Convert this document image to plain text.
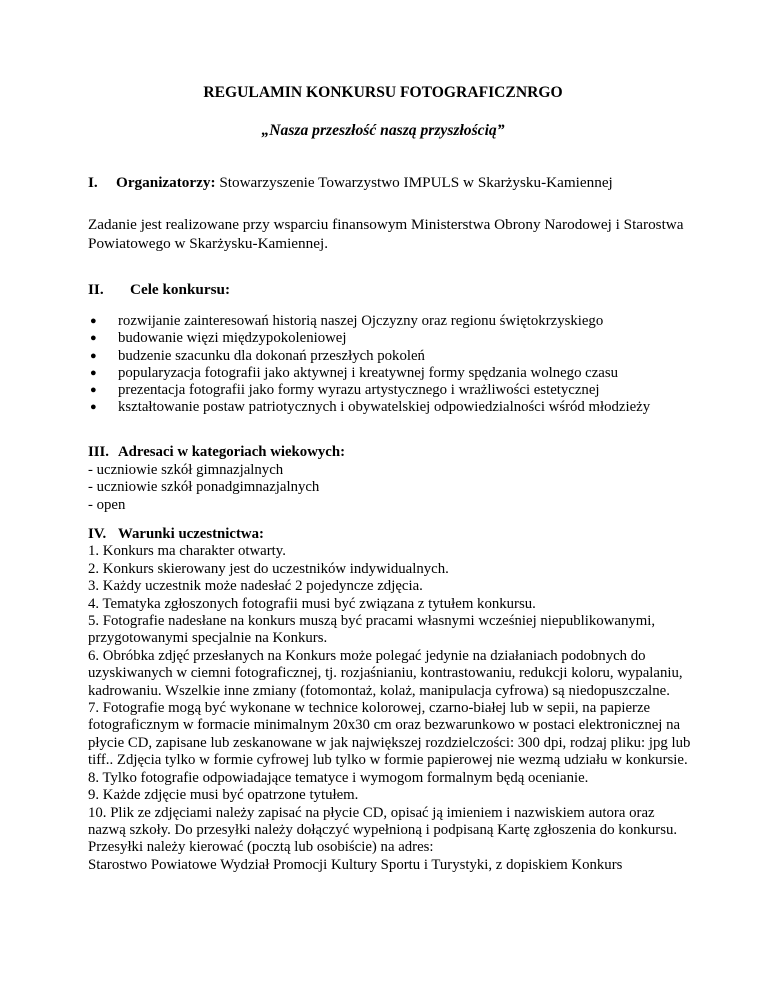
REGULAMIN KONKURSU FOTOGRAFICZNRGO
„Nasza przeszłość naszą przyszłością”
I. Organizatorzy: Stowarzyszenie Towarzystwo IMPULS w Skarżysku-Kamiennej

Zadanie jest realizowane przy wsparciu finansowym Ministerstwa Obrony Narodowej i Starostwa Powiatowego w Skarżysku-Kamiennej.

II. Cele konkursu:
● rozwijanie zainteresowań historią naszej Ojczyzny oraz regionu świętokrzyskiego
● budowanie więzi międzypokoleniowej
● budzenie szacunku dla dokonań przeszłych pokoleń
● popularyzacja fotografii jako aktywnej i kreatywnej formy spędzania wolnego czasu
● prezentacja fotografii jako formy wyrazu artystycznego i wrażliwości estetycznej
● kształtowanie postaw patriotycznych i obywatelskiej odpowiedzialności wśród młodzieży
III. Adresaci w kategoriach wiekowych:
- uczniowie szkół gimnazjalnych
- uczniowie szkół ponadgimnazjalnych
- open
IV. Warunki uczestnictwa:
1. Konkurs ma charakter otwarty.
2. Konkurs skierowany jest do uczestników indywidualnych.
3. Każdy uczestnik może nadesłać 2 pojedyncze zdjęcia.
4. Tematyka zgłoszonych fotografii musi być związana z tytułem konkursu.
5. Fotografie nadesłane na konkurs muszą być pracami własnymi wcześniej niepublikowanymi, przygotowanymi specjalnie na Konkurs.
6. Obróbka zdjęć przesłanych na Konkurs może polegać jedynie na działaniach podobnych do uzyskiwanych w ciemni fotograficznej, tj. rozjaśnianiu, kontrastowaniu, redukcji koloru, wypalaniu, kadrowaniu. Wszelkie inne zmiany (fotomontaż, kolaż, manipulacja cyfrowa) są niedopuszczalne.
7. Fotografie mogą być wykonane w technice kolorowej, czarno-białej lub w sepii, na papierze fotograficznym w formacie minimalnym 20x30 cm oraz bezwarunkowo w postaci elektronicznej na płycie CD, zapisane lub zeskanowane w jak największej rozdzielczości: 300 dpi, rodzaj pliku: jpg lub tiff.. Zdjęcia tylko w formie cyfrowej lub tylko w formie papierowej nie wezmą udziału w konkursie.
8. Tylko fotografie odpowiadające tematyce i wymogom formalnym będą ocenianie.
9. Każde zdjęcie musi być opatrzone tytułem.
10. Plik ze zdjęciami należy zapisać na płycie CD, opisać ją imieniem i nazwiskiem autora oraz nazwą szkoły. Do przesyłki należy dołączyć wypełnioną i podpisaną Kartę zgłoszenia do konkursu. Przesyłki należy kierować (pocztą lub osobiście) na adres:
Starostwo Powiatowe Wydział Promocji Kultury Sportu i Turystyki, z dopiskiem Konkurs
